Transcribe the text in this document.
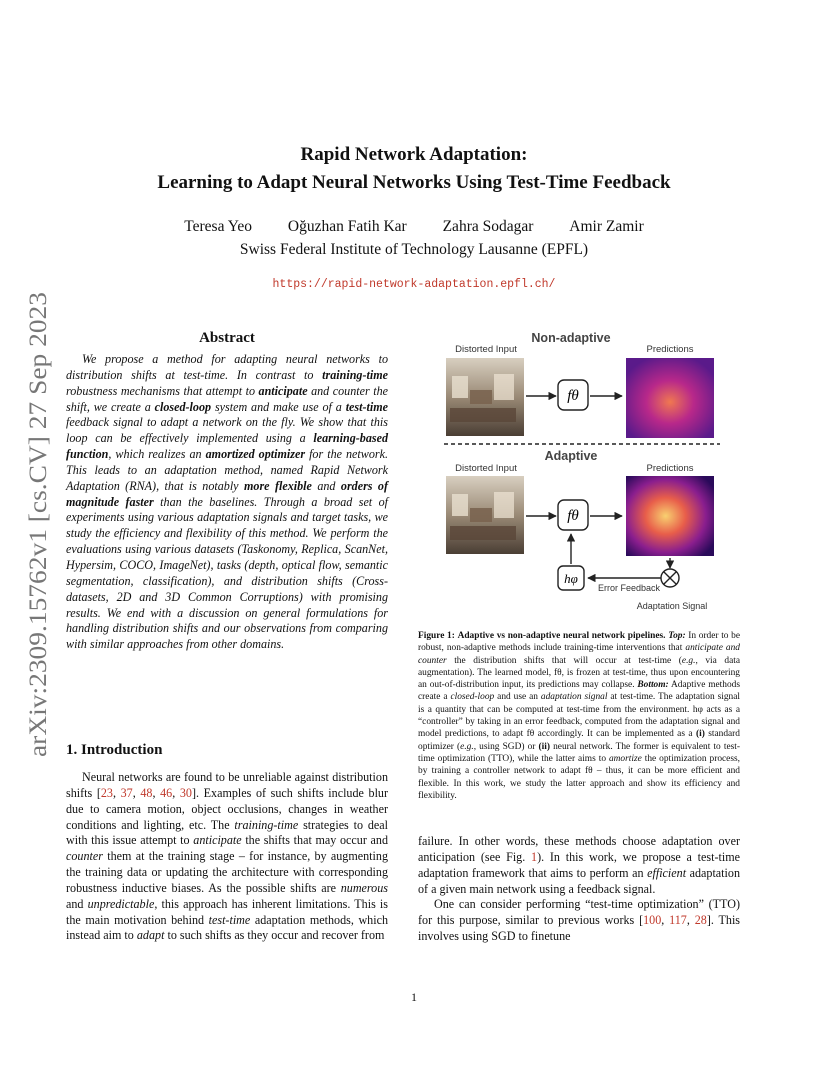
arXiv:2309.15762v1 [cs.CV] 27 Sep 2023
Rapid Network Adaptation:
Learning to Adapt Neural Networks Using Test-Time Feedback
Teresa Yeo Oğuzhan Fatih Kar Zahra Sodagar Amir Zamir
Swiss Federal Institute of Technology Lausanne (EPFL)
https://rapid-network-adaptation.epfl.ch/
Abstract
We propose a method for adapting neural networks to distribution shifts at test-time. In contrast to training-time robustness mechanisms that attempt to anticipate and counter the shift, we create a closed-loop system and make use of a test-time feedback signal to adapt a network on the fly. We show that this loop can be effectively implemented using a learning-based function, which realizes an amortized optimizer for the network. This leads to an adaptation method, named Rapid Network Adaptation (RNA), that is notably more flexible and orders of magnitude faster than the baselines. Through a broad set of experiments using various adaptation signals and target tasks, we study the efficiency and flexibility of this method. We perform the evaluations using various datasets (Taskonomy, Replica, ScanNet, Hypersim, COCO, ImageNet), tasks (depth, optical flow, semantic segmentation, classification), and distribution shifts (Cross-datasets, 2D and 3D Common Corruptions) with promising results. We end with a discussion on general formulations for handling distribution shifts and our observations from comparing with similar approaches from other domains.
1. Introduction
Neural networks are found to be unreliable against distribution shifts [23, 37, 48, 46, 30]. Examples of such shifts include blur due to camera motion, object occlusions, changes in weather conditions and lighting, etc. The training-time strategies to deal with this issue attempt to anticipate the shifts that may occur and counter them at the training stage – for instance, by augmenting the training data or updating the architecture with corresponding robustness inductive biases. As the possible shifts are numerous and unpredictable, this approach has inherent limitations. This is the main motivation behind test-time adaptation methods, which instead aim to adapt to such shifts as they occur and recover from
Non-adaptive
Distorted Input	Predictions
fθ
Adaptive
Distorted Input	Predictions
fθ
Error Feedback
Adaptation Signal
hφ
Figure 1: Adaptive vs non-adaptive neural network pipelines. Top: In order to be robust, non-adaptive methods include training-time interventions that anticipate and counter the distribution shifts that will occur at test-time (e.g., via data augmentation). The learned model, fθ, is frozen at test-time, thus upon encountering an out-of-distribution input, its predictions may collapse. Bottom: Adaptive methods create a closed-loop and use an adaptation signal at test-time. The adaptation signal is a quantity that can be computed at test-time from the environment. hφ acts as a “controller” by taking in an error feedback, computed from the adaptation signal and model predictions, to adapt fθ accordingly. It can be implemented as a (i) standard optimizer (e.g., using SGD) or (ii) neural network. The former is equivalent to test-time optimization (TTO), while the latter aims to amortize the optimization process, by training a controller network to adapt fθ – thus, it can be more efficient and flexible. In this work, we study the latter approach and show its efficiency and flexibility.

failure. In other words, these methods choose adaptation over anticipation (see Fig. 1). In this work, we propose a test-time adaptation framework that aims to perform an efficient adaptation of a given main network using a feedback signal.

One can consider performing “test-time optimization” (TTO) for this purpose, similar to previous works [100, 117, 28]. This involves using SGD to finetune

1
